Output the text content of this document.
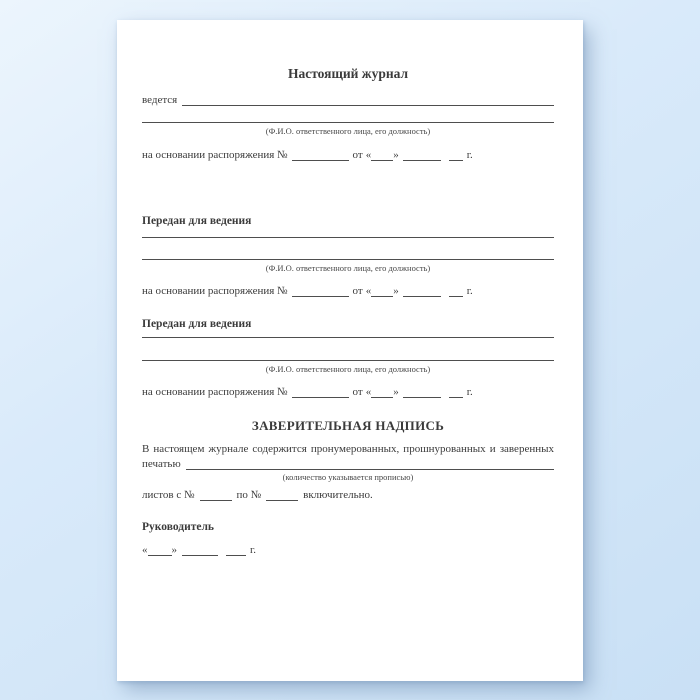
Настоящий журнал
ведется
(Ф.И.О. ответственного лица, его должность)
на основании распоряжения №	от « »	г.
Передан для ведения
(Ф.И.О. ответственного лица, его должность)
на основании распоряжения №	от « »	г.
Передан для ведения
(Ф.И.О. ответственного лица, его должность)
на основании распоряжения №	от « »	г.
ЗАВЕРИТЕЛЬНАЯ НАДПИСЬ
В настоящем журнале содержится пронумерованных, прошнурованных и заверенных
печатью
(количество указывается прописью)
листов с №	по №	включительно.
Руководитель
« »	г.
